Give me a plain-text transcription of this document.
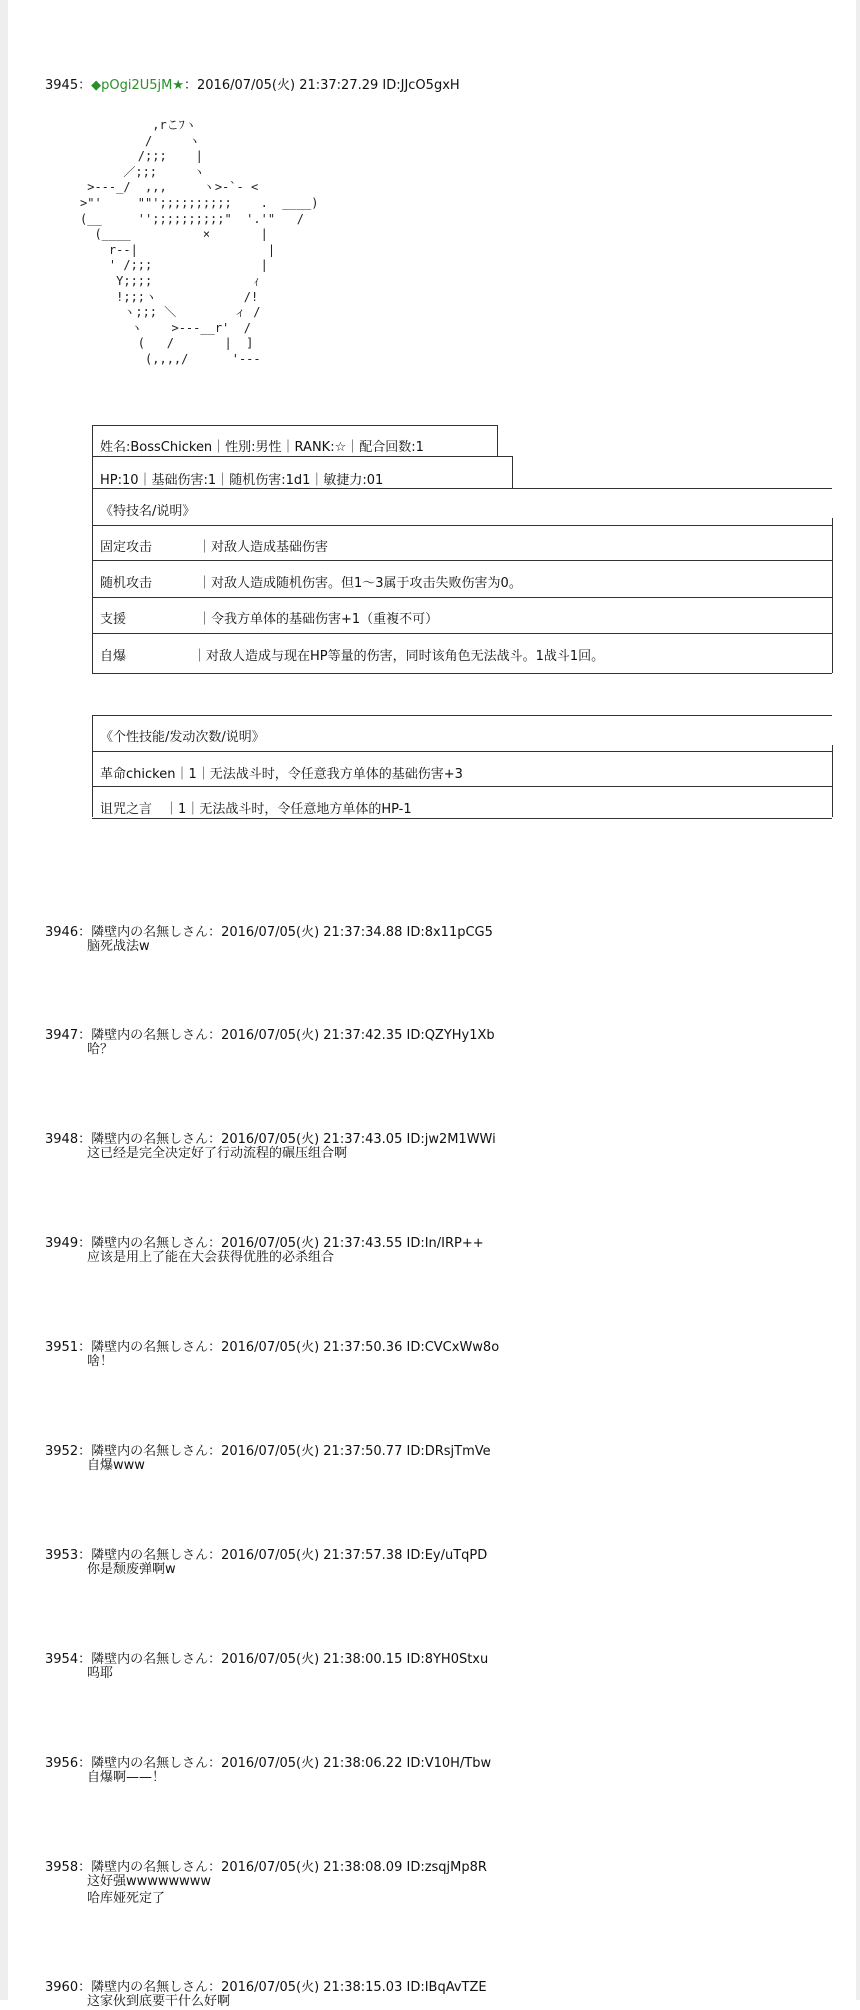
3945：◆pOgi2U5jM★：2016/07/05(火) 21:37:27.29 ID:JJcO5gxH
,rこﾌヽ
/     ヽ
/;;;    |
／;;;     ヽ
>---_/  ,,,     ヽ>‐`‐ <
>"'     ""';;;;;;;;;;    .  ____)
(__     '';;;;;;;;;;"  '.'"   /
(____          ×       |
r--|                  |
' /;;;               |
Y;;;;              ｨ
!;;;ヽ            /!
ヽ;;; ＼        ィ /
ヽ    >---__r'  /
(   /       |  ]
(,,,,/      '---
姓名:BossChicken｜性別:男性｜RANK:☆｜配合回数:1
HP:10｜基础伤害:1｜随机伤害:1d1｜敏捷力:01
《特技名/说明》
固定攻击	｜对敌人造成基础伤害
随机攻击	｜对敌人造成随机伤害。但1～3属于攻击失败伤害为0。
支援	｜令我方单体的基础伤害+1（重複不可）
自爆	｜对敌人造成与现在HP等量的伤害，同时该角色无法战斗。1战斗1回。
《个性技能/发动次数/说明》
革命chicken｜1｜无法战斗时，令任意我方单体的基础伤害+3
诅咒之言　｜1｜无法战斗时，令任意地方单体的HP-1
3946：隣壁内の名無しさん：2016/07/05(火) 21:37:34.88 ID:8x11pCG5
脑死战法w
3947：隣壁内の名無しさん：2016/07/05(火) 21:37:42.35 ID:QZYHy1Xb
哈？
3948：隣壁内の名無しさん：2016/07/05(火) 21:37:43.05 ID:jw2M1WWi
这已经是完全决定好了行动流程的碾压组合啊
3949：隣壁内の名無しさん：2016/07/05(火) 21:37:43.55 ID:In/IRP++
应该是用上了能在大会获得优胜的必杀组合
3951：隣壁内の名無しさん：2016/07/05(火) 21:37:50.36 ID:CVCxWw8o
啥！
3952：隣壁内の名無しさん：2016/07/05(火) 21:37:50.77 ID:DRsjTmVe
自爆www
3953：隣壁内の名無しさん：2016/07/05(火) 21:37:57.38 ID:Ey/uTqPD
你是颓废弹啊w
3954：隣壁内の名無しさん：2016/07/05(火) 21:38:00.15 ID:8YH0Stxu
呜耶
3956：隣壁内の名無しさん：2016/07/05(火) 21:38:06.22 ID:V10H/Tbw
自爆啊——！
3958：隣壁内の名無しさん：2016/07/05(火) 21:38:08.09 ID:zsqjMp8R
这好强wwwwwwww
哈库娅死定了
3960：隣壁内の名無しさん：2016/07/05(火) 21:38:15.03 ID:IBqAvTZE
这家伙到底要干什么好啊
